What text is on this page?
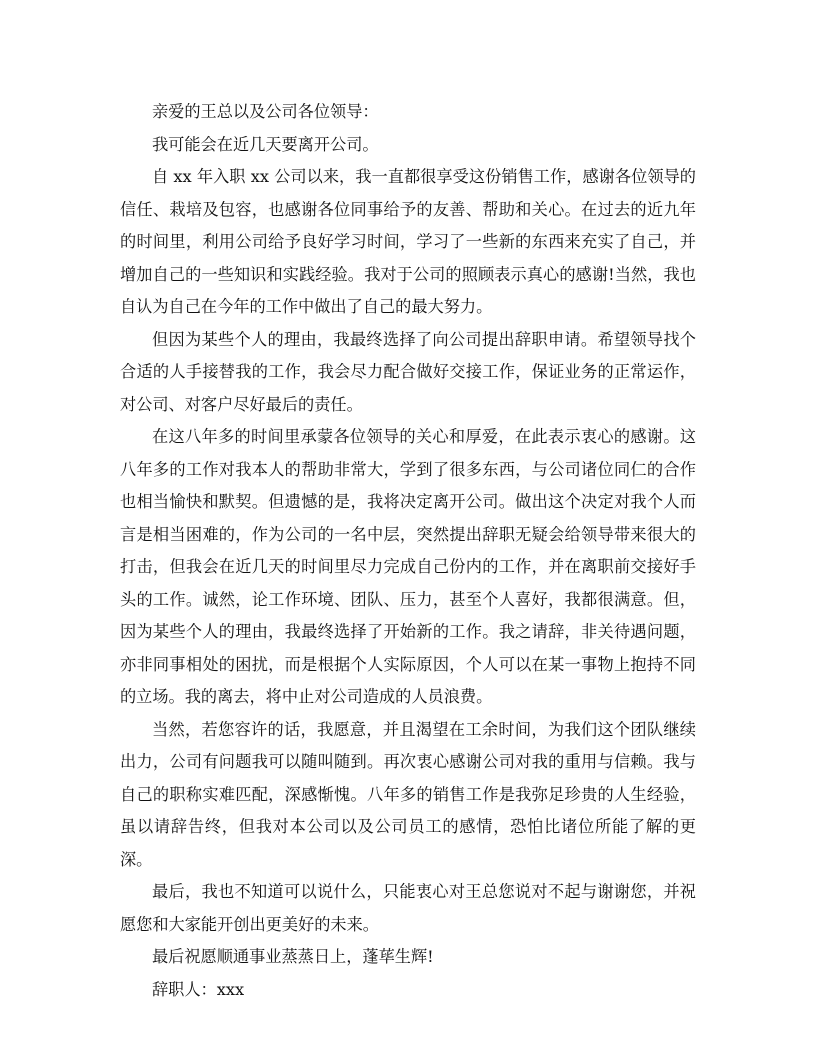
亲爱的王总以及公司各位领导：

我可能会在近几天要离开公司。

自 xx 年入职 xx 公司以来，我一直都很享受这份销售工作，感谢各位领导的信任、栽培及包容，也感谢各位同事给予的友善、帮助和关心。在过去的近九年的时间里，利用公司给予良好学习时间，学习了一些新的东西来充实了自己，并增加自己的一些知识和实践经验。我对于公司的照顾表示真心的感谢!当然，我也自认为自己在今年的工作中做出了自己的最大努力。

但因为某些个人的理由，我最终选择了向公司提出辞职申请。希望领导找个合适的人手接替我的工作，我会尽力配合做好交接工作，保证业务的正常运作，对公司、对客户尽好最后的责任。

在这八年多的时间里承蒙各位领导的关心和厚爱，在此表示衷心的感谢。这八年多的工作对我本人的帮助非常大，学到了很多东西，与公司诸位同仁的合作也相当愉快和默契。但遗憾的是，我将决定离开公司。做出这个决定对我个人而言是相当困难的，作为公司的一名中层，突然提出辞职无疑会给领导带来很大的打击，但我会在近几天的时间里尽力完成自己份内的工作，并在离职前交接好手头的工作。诚然，论工作环境、团队、压力，甚至个人喜好，我都很满意。但，因为某些个人的理由，我最终选择了开始新的工作。我之请辞，非关待遇问题，亦非同事相处的困扰，而是根据个人实际原因，个人可以在某一事物上抱持不同的立场。我的离去，将中止对公司造成的人员浪费。

当然，若您容许的话，我愿意，并且渴望在工余时间，为我们这个团队继续出力，公司有问题我可以随叫随到。再次衷心感谢公司对我的重用与信赖。我与自己的职称实难匹配，深感惭愧。八年多的销售工作是我弥足珍贵的人生经验，虽以请辞告终，但我对本公司以及公司员工的感情，恐怕比诸位所能了解的更深。

最后，我也不知道可以说什么，只能衷心对王总您说对不起与谢谢您，并祝愿您和大家能开创出更美好的未来。

最后祝愿顺通事业蒸蒸日上，蓬荜生辉!

辞职人：xxx
